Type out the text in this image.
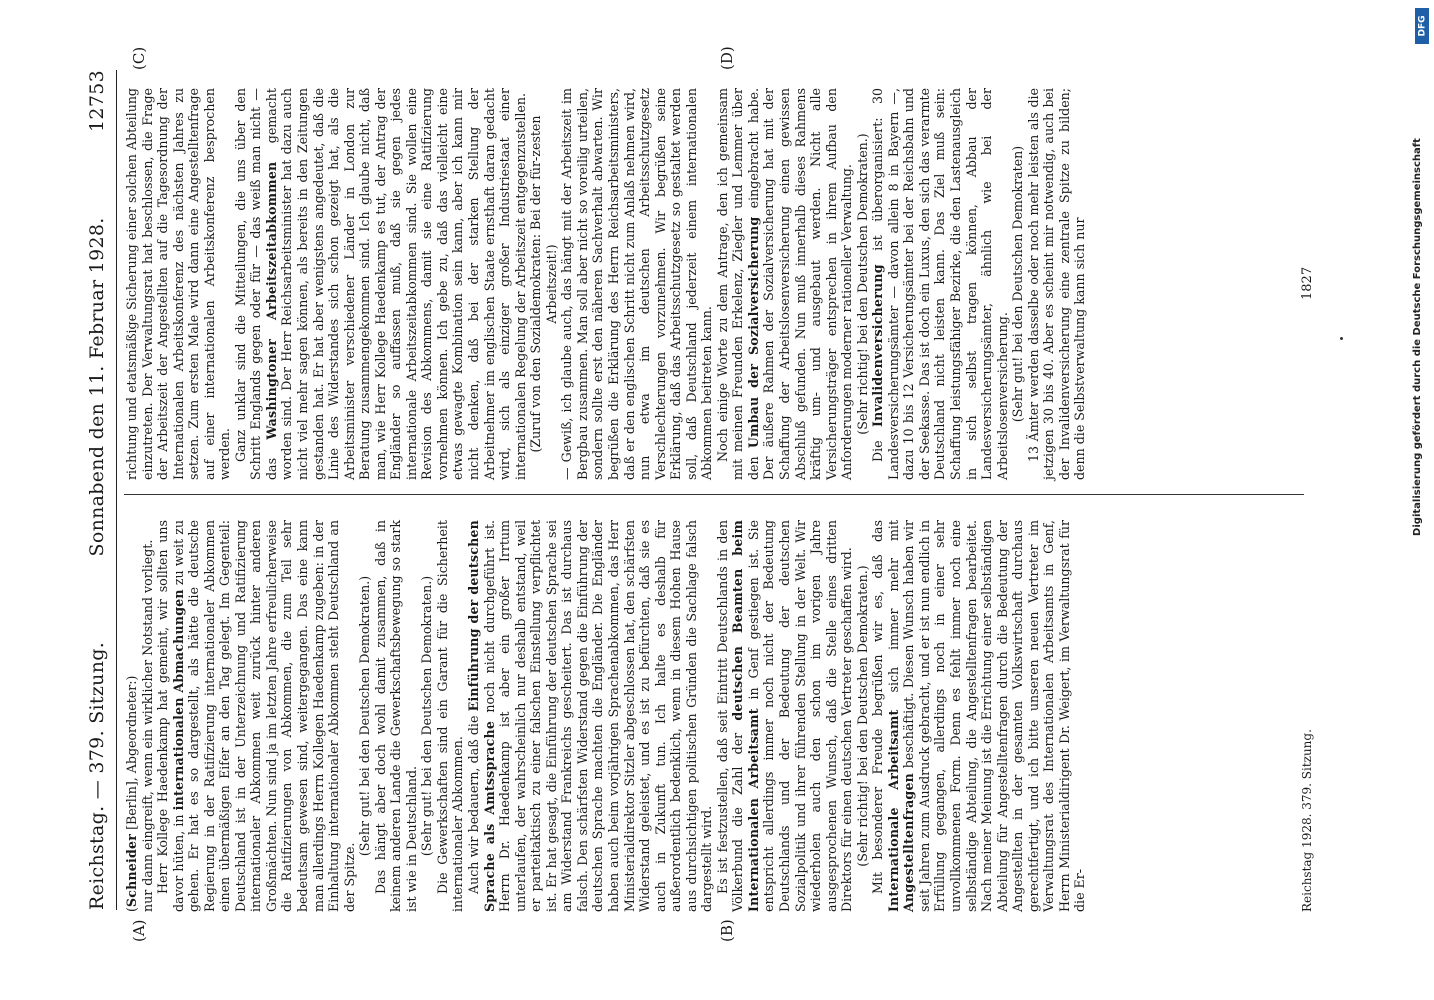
Reichstag. — 379. Sitzung.
Sonnabend den 11. Februar 1928.
12753
(A)	(B)
(C)	(D)

(Schneider [Berlin], Abgeordneter:) nur dann eingreift, wenn ein wirklicher Notstand vorliegt. Herr Kollege Haedenkamp hat gemeint, wir sollten uns davor hüten, in internationalen Abmachungen zu weit zu gehen. Er hat es so dargestellt, als hätte die deutsche Regierung in der Ratifizierung internationaler Abkommen einen übermäßigen Eifer an den Tag gelegt. Im Gegenteil: Deutschland ist in der Unterzeichnung und Ratifizierung internationaler Abkommen weit zurück hinter anderen Großmächten. Nun sind ja im letzten Jahre erfreulicherweise die Ratifizierungen von Abkommen, die zum Teil sehr bedeutsam gewesen sind, weitergegangen. Das eine kann man allerdings Herrn Kollegen Haedenkamp zugeben: in der Einhaltung internationaler Abkommen steht Deutschland an der Spitze.

(Sehr gut! bei den Deutschen Demokraten.) Das hängt aber doch wohl damit zusammen, daß in keinem anderen Lande die Gewerkschaftsbewegung so stark ist wie in Deutschland. (Sehr gut! bei den Deutschen Demokraten.) Die Gewerkschaften sind ein Garant für die Sicherheit internationaler Abkommen. Auch wir bedauern, daß die Einführung der deutschen Sprache als Amtssprache noch nicht durchgeführt ist. Herrn Dr. Haedenkamp ist aber ein großer Irrtum unterlaufen, der wahrscheinlich nur deshalb entstand, weil er parteitaktisch zu einer falschen Einstellung verpflichtet ist. Er hat gesagt, die Einführung der deutschen Sprache sei am Widerstand Frankreichs gescheitert. Das ist durchaus falsch. Den schärfsten Widerstand gegen die Einführung der deutschen Sprache machten die Engländer. Die Engländer haben auch beim vorjährigen Sprachenabkommen, das Herr Ministerialdirektor Sitzler abgeschlossen hat, den schärfsten Widerstand geleistet, und es ist zu befürchten, daß sie es auch in Zukunft tun. Ich halte es deshalb für außerordentlich bedenklich, wenn in diesem Hohen Hause aus durchsichtigen politischen Gründen die Sachlage falsch dargestellt wird. Es ist festzustellen, daß seit Eintritt Deutschlands in den Völkerbund die Zahl der deutschen Beamten beim Internationalen Arbeitsamt in Genf gestiegen ist. Sie entspricht allerdings immer noch nicht der Bedeutung Deutschlands und der Bedeutung der deutschen Sozialpolitik und ihrer führenden Stellung in der Welt. Wir wiederholen auch den schon im vorigen Jahre ausgesprochenen Wunsch, daß die Stelle eines dritten Direktors für einen deutschen Vertreter geschaffen wird. (Sehr richtig! bei den Deutschen Demokraten.) Mit besonderer Freude begrüßen wir es, daß das Internationale Arbeitsamt sich immer mehr mit Angestelltenfragen beschäftigt. Diesen Wunsch haben wir seit Jahren zum Ausdruck gebracht, und er ist nun endlich in Erfüllung gegangen, allerdings noch in einer sehr unvollkommenen Form. Denn es fehlt immer noch eine selbständige Abteilung, die Angestelltenfragen bearbeitet. Nach meiner Meinung ist die Errichtung einer selbständigen Abteilung für Angestelltenfragen durch die Bedeutung der Angestellten in der gesamten Volkswirtschaft durchaus gerechtfertigt, und ich bitte unseren neuen Vertreter im Verwaltungsrat des Internationalen Arbeitsamts in Genf, Herrn Ministerialdirigent Dr. Weigert, im Verwaltungsrat für die Er-

richtung und etatsmäßige Sicherung einer solchen Abteilung einzutreten. Der Verwaltungsrat hat beschlossen, die Frage der Arbeitszeit der Angestellten auf die Tagesordnung der Internationalen Arbeitskonferenz des nächsten Jahres zu setzen. Zum ersten Male wird dann eine Angestelltenfrage auf einer internationalen Arbeitskonferenz besprochen werden. Ganz unklar sind die Mitteilungen, die uns über den Schritt Englands gegen oder für — das weiß man nicht — das Washingtoner Arbeitszeitabkommen gemacht worden sind. Der Herr Reichsarbeitsminister hat dazu auch nicht viel mehr sagen können, als bereits in den Zeitungen gestanden hat. Er hat aber wenigstens angedeutet, daß die Linie des Widerstandes sich schon gezeigt hat, als die Arbeitsminister verschiedener Länder in London zur Beratung zusammengekommen sind. Ich glaube nicht, daß man, wie Herr Kollege Haedenkamp es tut, der Antrag der Engländer so auffassen muß, daß sie gegen jedes internationale Arbeitszeitabkommen sind. Sie wollen eine Revision des Abkommens, damit sie eine Ratifizierung vornehmen können. Ich gebe zu, daß das vielleicht eine etwas gewagte Kombination sein kann, aber ich kann mir nicht denken, daß bei der starken Stellung der Arbeitnehmer im englischen Staate ernsthaft daran gedacht wird, sich als einziger großer Industriestaat einer internationalen Regelung der Arbeitszeit entgegenzustellen. (Zuruf von den Sozialdemokraten: Bei der für-zesten Arbeitszeit!) — Gewiß, ich glaube auch, das hängt mit der Arbeitszeit im Bergbau zusammen. Man soll aber nicht so voreilig urteilen, sondern sollte erst den näheren Sachverhalt abwarten. Wir begrüßen die Erklärung des Herrn Reichsarbeitsministers, daß er den englischen Schritt nicht zum Anlaß nehmen wird, nun etwa im deutschen Arbeitsschutzgesetz Verschlechterungen vorzunehmen. Wir begrüßen seine Erklärung, daß das Arbeitsschutzgesetz so gestaltet werden soll, daß Deutschland jederzeit einem internationalen Abkommen beitreten kann. Noch einige Worte zu dem Antrage, den ich gemeinsam mit meinen Freunden Erkelenz, Ziegler und Lemmer über den Umbau der Sozialversicherung eingebracht habe. Der äußere Rahmen der Sozialversicherung hat mit der Schaffung der Arbeitslosenversicherung einen gewissen Abschluß gefunden. Nun muß innerhalb dieses Rahmens kräftig um- und ausgebaut werden. Nicht alle Versicherungsträger entsprechen in ihrem Aufbau den Anforderungen moderner rationeller Verwaltung. (Sehr richtig! bei den Deutschen Demokraten.)

Die Invalidenversicherung ist überorganisiert: 30 Landesversicherungsämter — davon allein 8 in Bayern —, dazu 10 bis 12 Versicherungsämter bei der Reichsbahn und der Seekasse. Das ist doch ein Luxus, den sich das verarmte Deutschland nicht leisten kann. Das Ziel muß sein: Schaffung leistungsfähiger Bezirke, die den Lastenausgleich in sich selbst tragen können, Abbau der Landesversicherungsämter, ähnlich wie bei der Arbeitslosenversicherung. (Sehr gut! bei den Deutschen Demokraten) 13 Ämter werden dasselbe oder noch mehr leisten als die jetzigen 30 bis 40. Aber es scheint mir notwendig, auch bei der Invalidenversicherung eine zentrale Spitze zu bilden; denn die Selbstverwaltung kann sich nur

Reichstag 1928. 379. Sitzung.
1827
DFG
Digitalisierung gefördert durch die Deutsche Forschungsgemeinschaft
